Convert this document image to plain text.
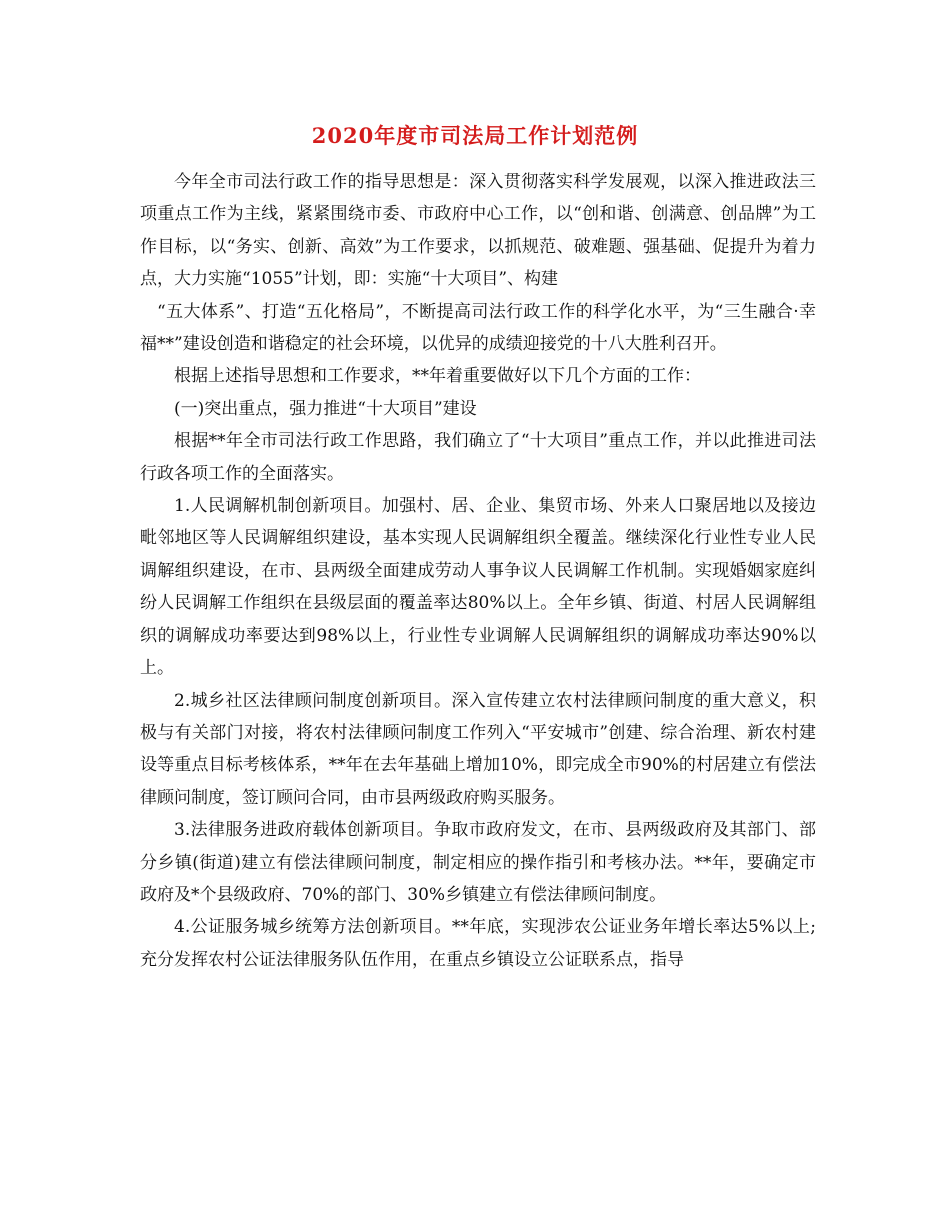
2020年度市司法局工作计划范例

今年全市司法行政工作的指导思想是：深入贯彻落实科学发展观，以深入推进政法三项重点工作为主线，紧紧围绕市委、市政府中心工作，以“创和谐、创满意、创品牌”为工作目标，以“务实、创新、高效”为工作要求，以抓规范、破难题、强基础、促提升为着力点，大力实施“1055”计划，即：实施“十大项目”、构建

“五大体系”、打造“五化格局”，不断提高司法行政工作的科学化水平，为“三生融合·幸福**”建设创造和谐稳定的社会环境，以优异的成绩迎接党的十八大胜利召开。

根据上述指导思想和工作要求，**年着重要做好以下几个方面的工作：

(一)突出重点，强力推进“十大项目”建设

根据**年全市司法行政工作思路，我们确立了“十大项目”重点工作，并以此推进司法行政各项工作的全面落实。

1.人民调解机制创新项目。加强村、居、企业、集贸市场、外来人口聚居地以及接边毗邻地区等人民调解组织建设，基本实现人民调解组织全覆盖。继续深化行业性专业人民调解组织建设，在市、县两级全面建成劳动人事争议人民调解工作机制。实现婚姻家庭纠纷人民调解工作组织在县级层面的覆盖率达80%以上。全年乡镇、街道、村居人民调解组织的调解成功率要达到98%以上，行业性专业调解人民调解组织的调解成功率达90%以上。

2.城乡社区法律顾问制度创新项目。深入宣传建立农村法律顾问制度的重大意义，积极与有关部门对接，将农村法律顾问制度工作列入“平安城市”创建、综合治理、新农村建设等重点目标考核体系，**年在去年基础上增加10%，即完成全市90%的村居建立有偿法律顾问制度，签订顾问合同，由市县两级政府购买服务。

3.法律服务进政府载体创新项目。争取市政府发文，在市、县两级政府及其部门、部分乡镇(街道)建立有偿法律顾问制度，制定相应的操作指引和考核办法。**年，要确定市政府及*个县级政府、70%的部门、30%乡镇建立有偿法律顾问制度。

4.公证服务城乡统筹方法创新项目。**年底，实现涉农公证业务年增长率达5%以上;充分发挥农村公证法律服务队伍作用，在重点乡镇设立公证联系点，指导
